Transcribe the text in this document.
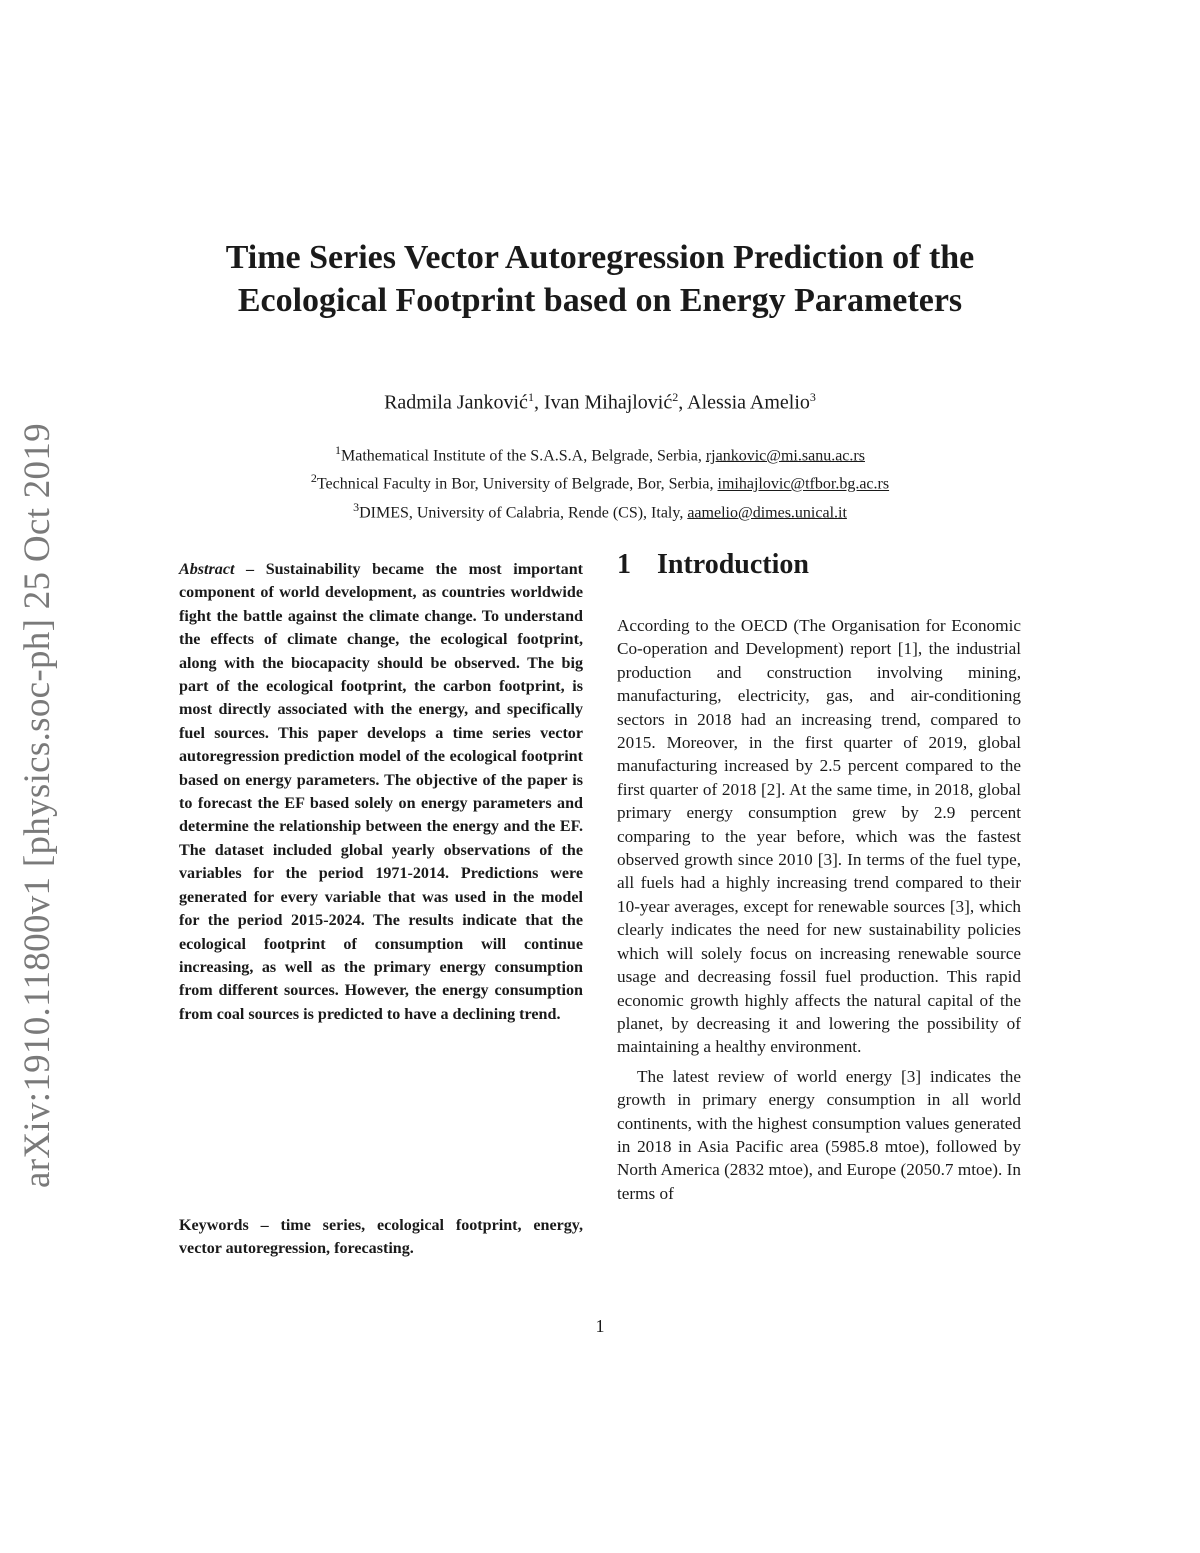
arXiv:1910.11800v1 [physics.soc-ph] 25 Oct 2019
Time Series Vector Autoregression Prediction of the Ecological Footprint based on Energy Parameters
Radmila Janković$^1$, Ivan Mihajlović$^2$, Alessia Amelio$^3$
$^1$Mathematical Institute of the S.A.S.A, Belgrade, Serbia, rjankovic@mi.sanu.ac.rs
$^2$Technical Faculty in Bor, University of Belgrade, Bor, Serbia, imihajlovic@tfbor.bg.ac.rs
$^3$DIMES, University of Calabria, Rende (CS), Italy, aamelio@dimes.unical.it
Abstract – Sustainability became the most important component of world development, as countries worldwide fight the battle against the climate change. To understand the effects of climate change, the ecological footprint, along with the biocapacity should be observed. The big part of the ecological footprint, the carbon footprint, is most directly associated with the energy, and specifically fuel sources. This paper develops a time series vector autoregression prediction model of the ecological footprint based on energy parameters. The objective of the paper is to forecast the EF based solely on energy parameters and determine the relationship between the energy and the EF. The dataset included global yearly observations of the variables for the period 1971-2014. Predictions were generated for every variable that was used in the model for the period 2015-2024. The results indicate that the ecological footprint of consumption will continue increasing, as well as the primary energy consumption from different sources. However, the energy consumption from coal sources is predicted to have a declining trend.
Keywords – time series, ecological footprint, energy, vector autoregression, forecasting.
1 Introduction

According to the OECD (The Organisation for Economic Co-operation and Development) report [1], the industrial production and construction involving mining, manufacturing, electricity, gas, and air-conditioning sectors in 2018 had an increasing trend, compared to 2015. Moreover, in the first quarter of 2019, global manufacturing increased by 2.5 percent compared to the first quarter of 2018 [2]. At the same time, in 2018, global primary energy consumption grew by 2.9 percent comparing to the year before, which was the fastest observed growth since 2010 [3]. In terms of the fuel type, all fuels had a highly increasing trend compared to their 10-year averages, except for renewable sources [3], which clearly indicates the need for new sustainability policies which will solely focus on increasing renewable source usage and decreasing fossil fuel production. This rapid economic growth highly affects the natural capital of the planet, by decreasing it and lowering the possibility of maintaining a healthy environment.

The latest review of world energy [3] indicates the growth in primary energy consumption in all world continents, with the highest consumption values generated in 2018 in Asia Pacific area (5985.8 mtoe), followed by North America (2832 mtoe), and Europe (2050.7 mtoe). In terms of

1
